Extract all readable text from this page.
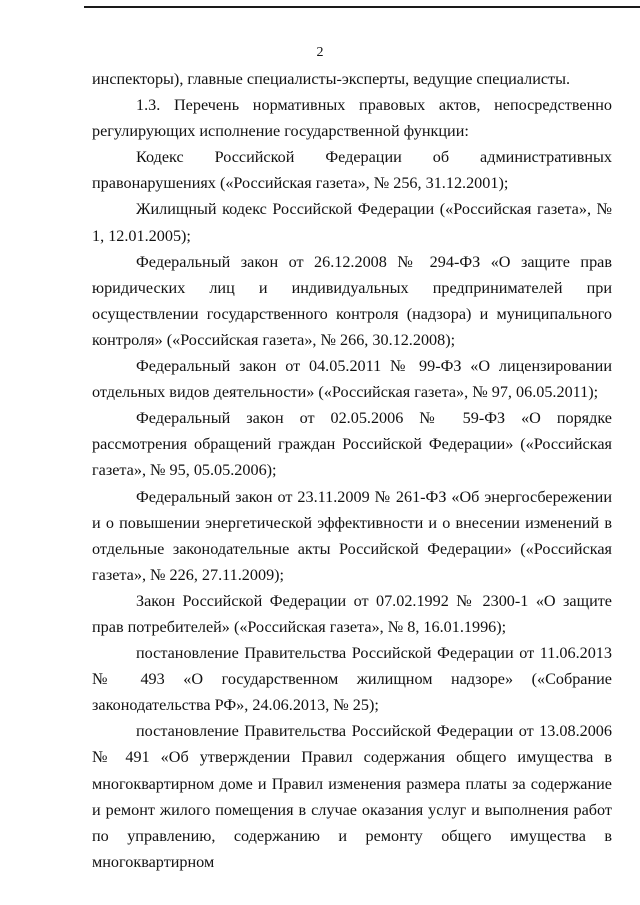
2

инспекторы), главные специалисты-эксперты, ведущие специалисты.

1.3. Перечень нормативных правовых актов, непосредственно регулирующих исполнение государственной функции:

Кодекс Российской Федерации об административных правонарушениях («Российская газета», № 256, 31.12.2001);

Жилищный кодекс Российской Федерации («Российская газета», № 1, 12.01.2005);

Федеральный закон от 26.12.2008 № 294-ФЗ «О защите прав юридических лиц и индивидуальных предпринимателей при осуществлении государственного контроля (надзора) и муниципального контроля» («Российская газета», № 266, 30.12.2008);

Федеральный закон от 04.05.2011 № 99-ФЗ «О лицензировании отдельных видов деятельности» («Российская газета», № 97, 06.05.2011);

Федеральный закон от 02.05.2006 № 59-ФЗ «О порядке рассмотрения обращений граждан Российской Федерации» («Российская газета», № 95, 05.05.2006);

Федеральный закон от 23.11.2009 № 261-ФЗ «Об энергосбережении и о повышении энергетической эффективности и о внесении изменений в отдельные законодательные акты Российской Федерации» («Российская газета», № 226, 27.11.2009);

Закон Российской Федерации от 07.02.1992 № 2300-1 «О защите прав потребителей» («Российская газета», № 8, 16.01.1996);

постановление Правительства Российской Федерации от 11.06.2013 № 493 «О государственном жилищном надзоре» («Собрание законодательства РФ», 24.06.2013, № 25);

постановление Правительства Российской Федерации от 13.08.2006 № 491 «Об утверждении Правил содержания общего имущества в многоквартирном доме и Правил изменения размера платы за содержание и ремонт жилого помещения в случае оказания услуг и выполнения работ по управлению, содержанию и ремонту общего имущества в многоквартирном
